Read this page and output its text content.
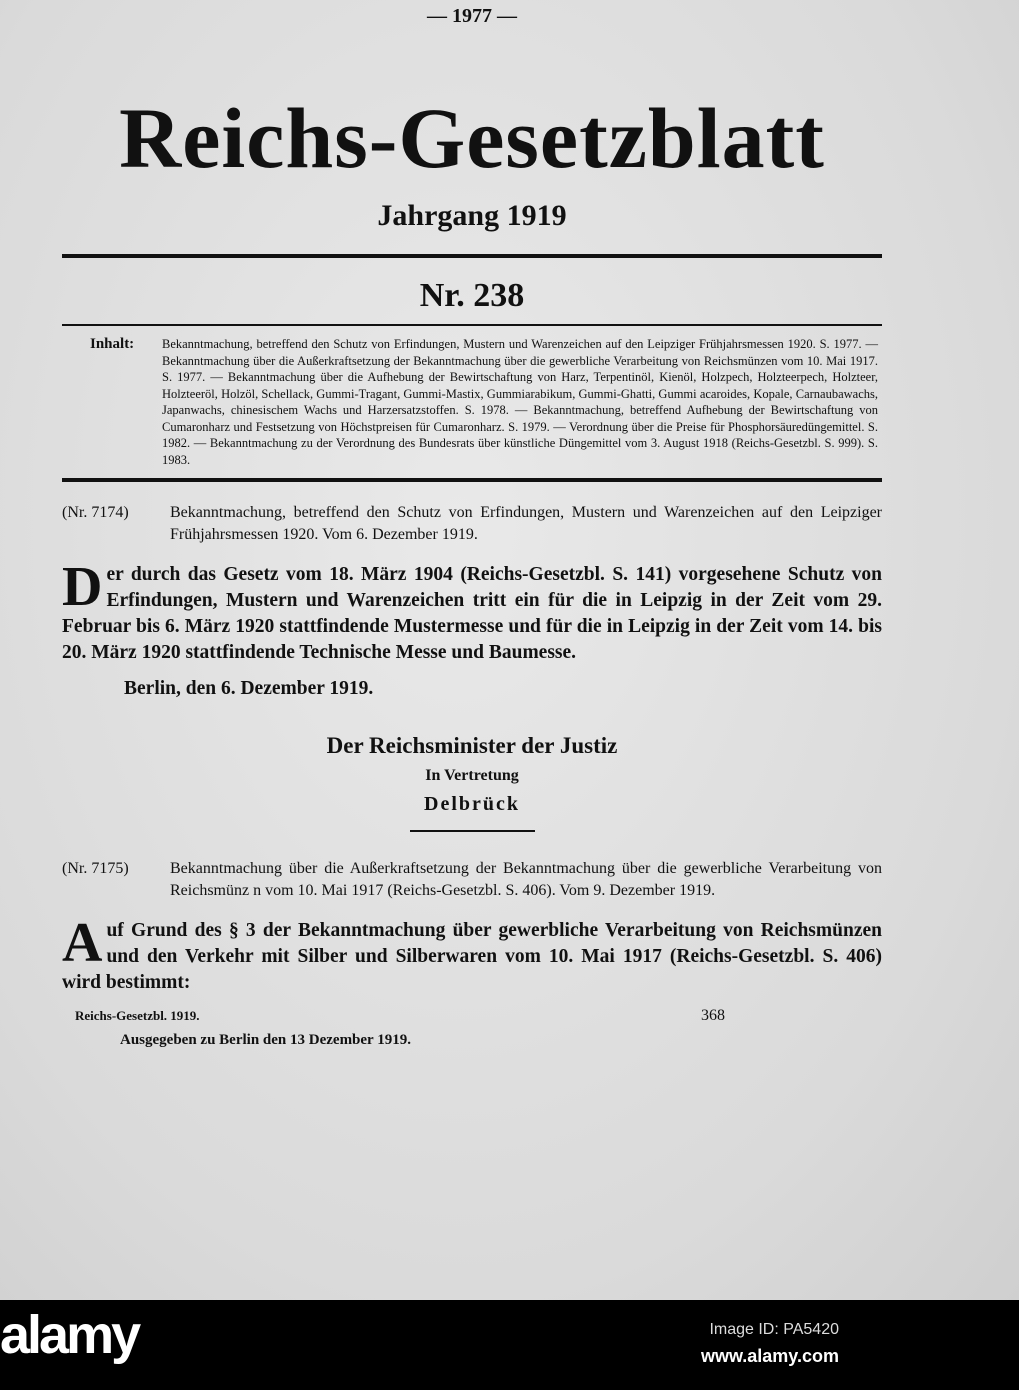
— 1977 —
Reichs-Gesetzblatt
Jahrgang 1919
Nr. 238
Inhalt:	Bekanntmachung, betreffend den Schutz von Erfindungen, Mustern und Warenzeichen auf den Leipziger Frühjahrsmessen 1920. S. 1977. — Bekanntmachung über die Außerkraftsetzung der Bekanntmachung über die gewerbliche Verarbeitung von Reichsmünzen vom 10. Mai 1917. S. 1977. — Bekanntmachung über die Aufhebung der Bewirtschaftung von Harz, Terpentinöl, Kienöl, Holzpech, Holzteerpech, Holzteer, Holzteeröl, Holzöl, Schellack, Gummi-Tragant, Gummi-Mastix, Gummiarabikum, Gummi-Ghatti, Gummi acaroides, Kopale, Carnaubawachs, Japanwachs, chinesischem Wachs und Harzersatzstoffen. S. 1978. — Bekanntmachung, betreffend Aufhebung der Bewirtschaftung von Cumaronharz und Festsetzung von Höchstpreisen für Cumaronharz. S. 1979. — Verordnung über die Preise für Phosphorsäuredüngemittel. S. 1982. — Bekanntmachung zu der Verordnung des Bundesrats über künstliche Düngemittel vom 3. August 1918 (Reichs-Gesetzbl. S. 999). S. 1983.
(Nr. 7174)	Bekanntmachung, betreffend den Schutz von Erfindungen, Mustern und Warenzeichen auf den Leipziger Frühjahrsmessen 1920. Vom 6. Dezember 1919.
Der durch das Gesetz vom 18. März 1904 (Reichs-Gesetzbl. S. 141) vorgesehene Schutz von Erfindungen, Mustern und Warenzeichen tritt ein für die in Leipzig in der Zeit vom 29. Februar bis 6. März 1920 stattfindende Mustermesse und für die in Leipzig in der Zeit vom 14. bis 20. März 1920 stattfindende Technische Messe und Baumesse.
Berlin, den 6. Dezember 1919.
Der Reichsminister der Justiz
In Vertretung
Delbrück
(Nr. 7175)	Bekanntmachung über die Außerkraftsetzung der Bekanntmachung über die gewerbliche Verarbeitung von Reichsmünz n vom 10. Mai 1917 (Reichs-Gesetzbl. S. 406). Vom 9. Dezember 1919.
Auf Grund des § 3 der Bekanntmachung über gewerbliche Verarbeitung von Reichsmünzen und den Verkehr mit Silber und Silberwaren vom 10. Mai 1917 (Reichs-Gesetzbl. S. 406) wird bestimmt:
Reichs-Gesetzbl. 1919.	368
Ausgegeben zu Berlin den 13 Dezember 1919.
alamy	Image ID: PA5420
www.alamy.com
